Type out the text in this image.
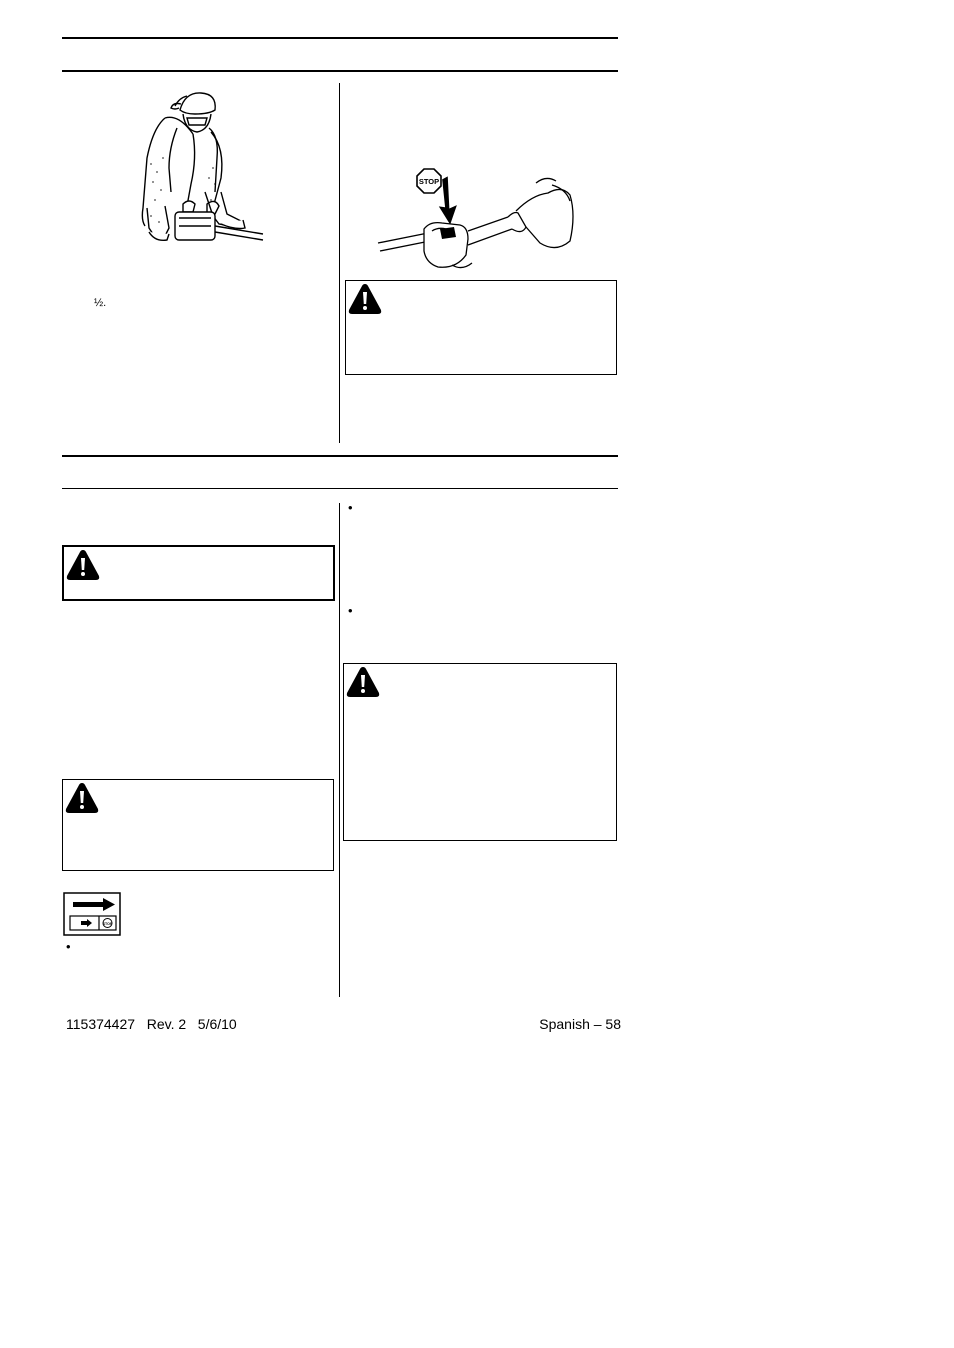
½.
STOP
STOP
•
•
•
115374427   Rev. 2   5/6/10	Spanish – 58
